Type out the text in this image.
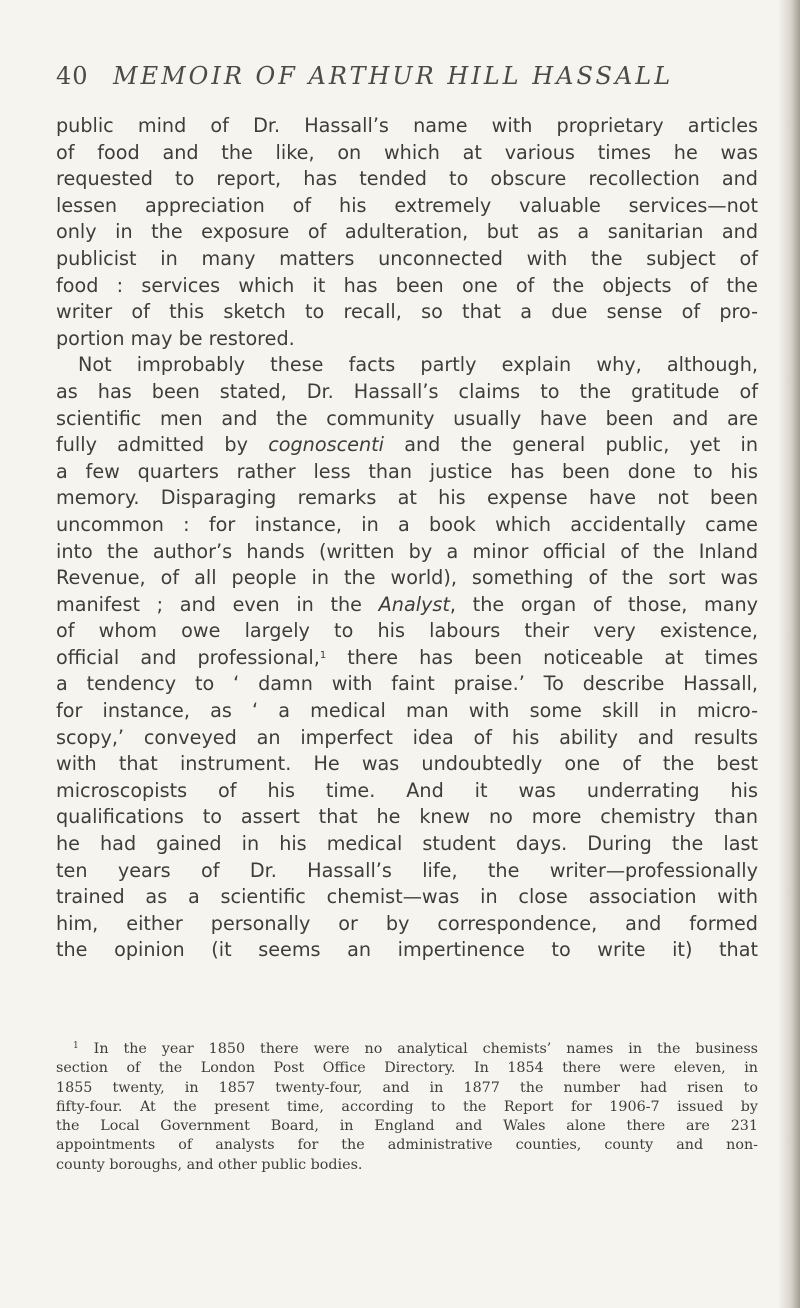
40 MEMOIR OF ARTHUR HILL HASSALL
public mind of Dr. Hassall’s name with proprietary articles
of food and the like, on which at various times he was
requested to report, has tended to obscure recollection and
lessen appreciation of his extremely valuable services—not
only in the exposure of adulteration, but as a sanitarian and
publicist in many matters unconnected with the subject of
food : services which it has been one of the objects of the
writer of this sketch to recall, so that a due sense of pro-
portion may be restored.
Not improbably these facts partly explain why, although,
as has been stated, Dr. Hassall’s claims to the gratitude of
scientific men and the community usually have been and are
fully admitted by cognoscenti and the general public, yet in
a few quarters rather less than justice has been done to his
memory. Disparaging remarks at his expense have not been
uncommon : for instance, in a book which accidentally came
into the author’s hands (written by a minor official of the Inland
Revenue, of all people in the world), something of the sort was
manifest ; and even in the Analyst, the organ of those, many
of whom owe largely to his labours their very existence,
official and professional,$^1$ there has been noticeable at times
a tendency to ‘ damn with faint praise.’ To describe Hassall,
for instance, as ‘ a medical man with some skill in micro-
scopy,’ conveyed an imperfect idea of his ability and results
with that instrument. He was undoubtedly one of the best
microscopists of his time. And it was underrating his
qualifications to assert that he knew no more chemistry than
he had gained in his medical student days. During the last
ten years of Dr. Hassall’s life, the writer—professionally
trained as a scientific chemist—was in close association with
him, either personally or by correspondence, and formed
the opinion (it seems an impertinence to write it) that
$^1$ In the year 1850 there were no analytical chemists’ names in the business
section of the London Post Office Directory. In 1854 there were eleven, in
1855 twenty, in 1857 twenty-four, and in 1877 the number had risen to
fifty-four. At the present time, according to the Report for 1906-7 issued by
the Local Government Board, in England and Wales alone there are 231
appointments of analysts for the administrative counties, county and non-
county boroughs, and other public bodies.
